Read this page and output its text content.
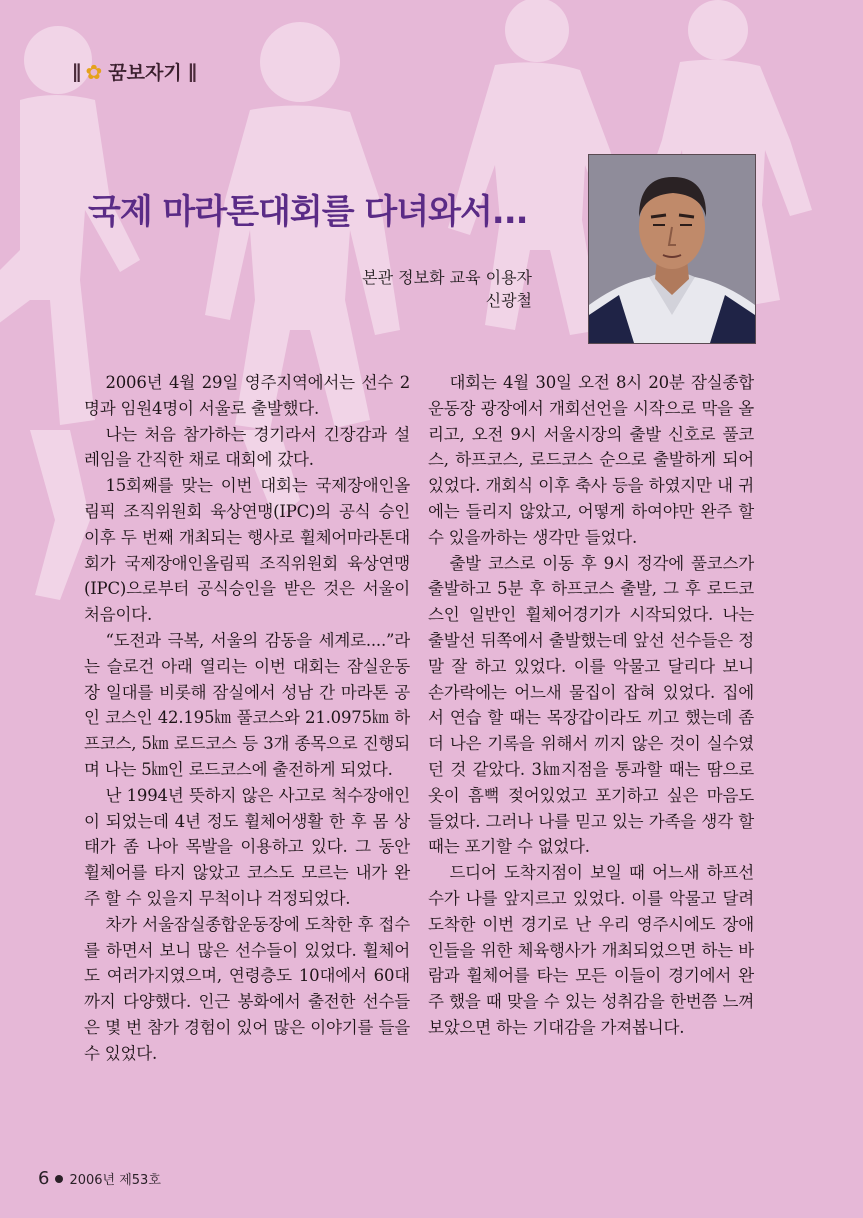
∥ ✿ 꿈보자기 ∥
국제 마라톤대회를 다녀와서...
본관 정보화 교육 이용자
신광철

2006년 4월 29일 영주지역에서는 선수 2명과 임원4명이 서울로 출발했다.

나는 처음 참가하는 경기라서 긴장감과 설레임을 간직한 채로 대회에 갔다.

15회째를 맞는 이번 대회는 국제장애인올림픽 조직위원회 육상연맹(IPC)의 공식 승인 이후 두 번째 개최되는 행사로 휠체어마라톤대회가 국제장애인올림픽 조직위원회 육상연맹(IPC)으로부터 공식승인을 받은 것은 서울이 처음이다.

“도전과 극복, 서울의 감동을 세계로....”라는 슬로건 아래 열리는 이번 대회는 잠실운동장 일대를 비롯해 잠실에서 성남 간 마라톤 공인 코스인 42.195㎞ 풀코스와 21.0975㎞ 하프코스, 5㎞ 로드코스 등 3개 종목으로 진행되며 나는 5㎞인 로드코스에 출전하게 되었다.

난 1994년 뜻하지 않은 사고로 척수장애인이 되었는데 4년 정도 휠체어생활 한 후 몸 상태가 좀 나아 목발을 이용하고 있다. 그 동안 휠체어를 타지 않았고 코스도 모르는 내가 완주 할 수 있을지 무척이나 걱정되었다.

차가 서울잠실종합운동장에 도착한 후 접수를 하면서 보니 많은 선수들이 있었다. 휠체어도 여러가지였으며, 연령층도 10대에서 60대까지 다양했다. 인근 봉화에서 출전한 선수들은 몇 번 참가 경험이 있어 많은 이야기를 들을 수 있었다.

대회는 4월 30일 오전 8시 20분 잠실종합운동장 광장에서 개회선언을 시작으로 막을 올리고, 오전 9시 서울시장의 출발 신호로 풀코스, 하프코스, 로드코스 순으로 출발하게 되어있었다. 개회식 이후 축사 등을 하였지만 내 귀에는 들리지 않았고, 어떻게 하여야만 완주 할 수 있을까하는 생각만 들었다.

출발 코스로 이동 후 9시 정각에 풀코스가 출발하고 5분 후 하프코스 출발, 그 후 로드코스인 일반인 휠체어경기가 시작되었다. 나는 출발선 뒤쪽에서 출발했는데 앞선 선수들은 정말 잘 하고 있었다. 이를 악물고 달리다 보니 손가락에는 어느새 물집이 잡혀 있었다. 집에서 연습 할 때는 목장갑이라도 끼고 했는데 좀 더 나은 기록을 위해서 끼지 않은 것이 실수였던 것 같았다. 3㎞지점을 통과할 때는 땀으로 옷이 흠뻑 젖어있었고 포기하고 싶은 마음도 들었다. 그러나 나를 믿고 있는 가족을 생각 할 때는 포기할 수 없었다.

드디어 도착지점이 보일 때 어느새 하프선수가 나를 앞지르고 있었다. 이를 악물고 달려 도착한 이번 경기로 난 우리 영주시에도 장애인들을 위한 체육행사가 개최되었으면 하는 바람과 휠체어를 타는 모든 이들이 경기에서 완주 했을 때 맞을 수 있는 성취감을 한번쯤 느껴 보았으면 하는 기대감을 가져봅니다.

6 2006년 제53호
